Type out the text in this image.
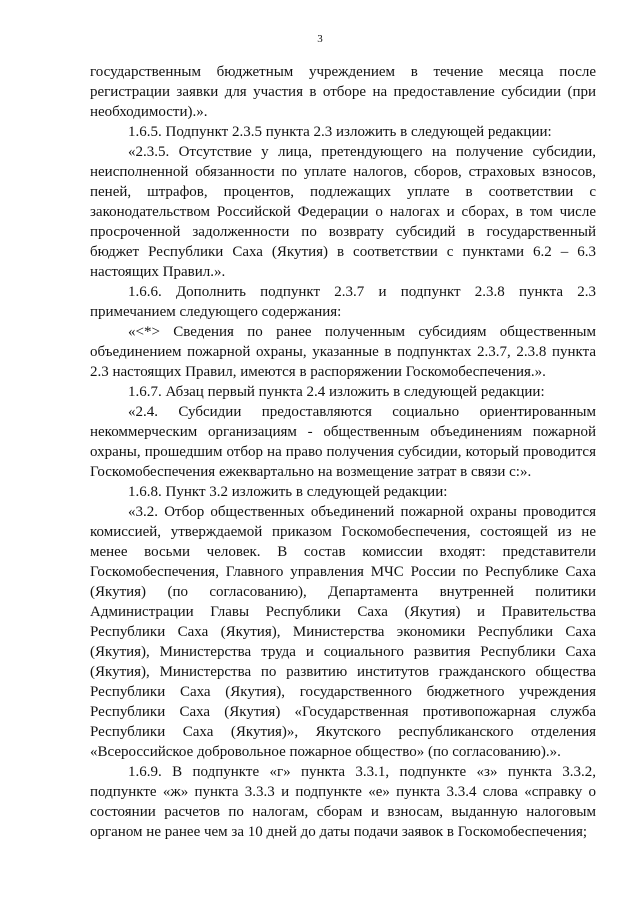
3

государственным бюджетным учреждением в течение месяца после регистрации заявки для участия в отборе на предоставление субсидии (при необходимости).».

1.6.5. Подпункт 2.3.5 пункта 2.3 изложить в следующей редакции:

«2.3.5. Отсутствие у лица, претендующего на получение субсидии, неисполненной обязанности по уплате налогов, сборов, страховых взносов, пеней, штрафов, процентов, подлежащих уплате в соответствии с законодательством Российской Федерации о налогах и сборах, в том числе просроченной задолженности по возврату субсидий в государственный бюджет Республики Саха (Якутия) в соответствии с пунктами 6.2 – 6.3 настоящих Правил.».

1.6.6. Дополнить подпункт 2.3.7 и подпункт 2.3.8 пункта 2.3 примечанием следующего содержания:

«<*> Сведения по ранее полученным субсидиям общественным объединением пожарной охраны, указанные в подпунктах 2.3.7, 2.3.8 пункта 2.3 настоящих Правил, имеются в распоряжении Госкомобеспечения.».

1.6.7. Абзац первый пункта 2.4 изложить в следующей редакции:

«2.4. Субсидии предоставляются социально ориентированным некоммерческим организациям - общественным объединениям пожарной охраны, прошедшим отбор на право получения субсидии, который проводится Госкомобеспечения ежеквартально на возмещение затрат в связи с:».

1.6.8. Пункт 3.2 изложить в следующей редакции:

«3.2. Отбор общественных объединений пожарной охраны проводится комиссией, утверждаемой приказом Госкомобеспечения, состоящей из не менее восьми человек. В состав комиссии входят: представители Госкомобеспечения, Главного управления МЧС России по Республике Саха (Якутия) (по согласованию), Департамента внутренней политики Администрации Главы Республики Саха (Якутия) и Правительства Республики Саха (Якутия), Министерства экономики Республики Саха (Якутия), Министерства труда и социального развития Республики Саха (Якутия), Министерства по развитию институтов гражданского общества Республики Саха (Якутия), государственного бюджетного учреждения Республики Саха (Якутия) «Государственная противопожарная служба Республики Саха (Якутия)», Якутского республиканского отделения «Всероссийское добровольное пожарное общество» (по согласованию).».

1.6.9. В подпункте «г» пункта 3.3.1, подпункте «з» пункта 3.3.2, подпункте «ж» пункта 3.3.3 и подпункте «е» пункта 3.3.4 слова «справку о состоянии расчетов по налогам, сборам и взносам, выданную налоговым органом не ранее чем за 10 дней до даты подачи заявок в Госкомобеспечения;
